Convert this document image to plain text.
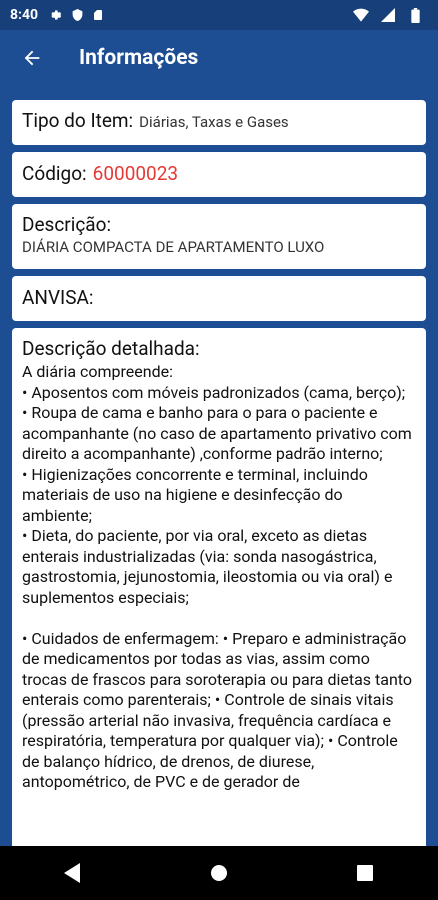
8:40
Informações
Tipo do Item: Diárias, Taxas e Gases
Código: 60000023
Descrição:
DIÁRIA COMPACTA DE APARTAMENTO LUXO
ANVISA:
Descrição detalhada:
A diária compreende:
• Aposentos com móveis padronizados (cama, berço);
• Roupa de cama e banho para o para o paciente e acompanhante (no caso de apartamento privativo com direito a acompanhante) ,conforme padrão interno;
• Higienizações concorrente e terminal, incluindo materiais de uso na higiene e desinfecção do ambiente;
• Dieta, do paciente, por via oral, exceto as dietas enterais industrializadas (via: sonda nasogástrica, gastrostomia, jejunostomia, ileostomia ou via oral) e suplementos especiais;

• Cuidados de enfermagem: • Preparo e administração de medicamentos por todas as vias, assim como trocas de frascos para soroterapia ou para dietas tanto enterais como parenterais; • Controle de sinais vitais (pressão arterial não invasiva, frequência cardíaca e respiratória, temperatura por qualquer via); • Controle de balanço hídrico, de drenos, de diurese, antopométrico, de PVC e de gerador de
